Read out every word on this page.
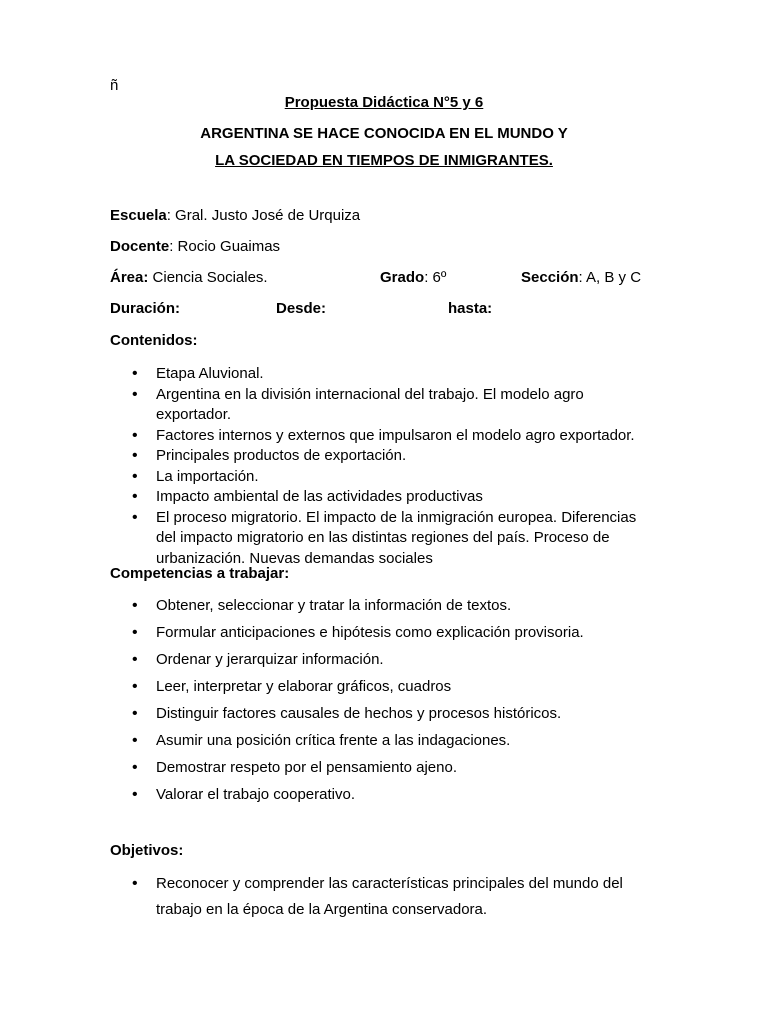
ñ
Propuesta Didáctica N°5 y 6
ARGENTINA SE HACE CONOCIDA EN EL MUNDO Y
LA SOCIEDAD EN TIEMPOS DE INMIGRANTES.
Escuela: Gral. Justo José de Urquiza
Docente: Rocio Guaimas
Área: Ciencia Sociales.	Grado: 6º	Sección: A, B y C
Duración:	Desde:	hasta:
Contenidos:
• Etapa Aluvional.
• Argentina en la división internacional del trabajo. El modelo agro
exportador.
• Factores internos y externos que impulsaron el modelo agro exportador.
• Principales productos de exportación.
• La importación.
• Impacto ambiental de las actividades productivas
• El proceso migratorio. El impacto de la inmigración europea. Diferencias
del impacto migratorio en las distintas regiones del país. Proceso de
urbanización. Nuevas demandas sociales
Competencias a trabajar:
• Obtener, seleccionar y tratar la información de textos.
• Formular anticipaciones e hipótesis como explicación provisoria.
• Ordenar y jerarquizar información.
• Leer, interpretar y elaborar gráficos, cuadros
• Distinguir factores causales de hechos y procesos históricos.
• Asumir una posición crítica frente a las indagaciones.
• Demostrar respeto por el pensamiento ajeno.
• Valorar el trabajo cooperativo.
Objetivos:
• Reconocer y comprender las características principales del mundo del
trabajo en la época de la Argentina conservadora.
